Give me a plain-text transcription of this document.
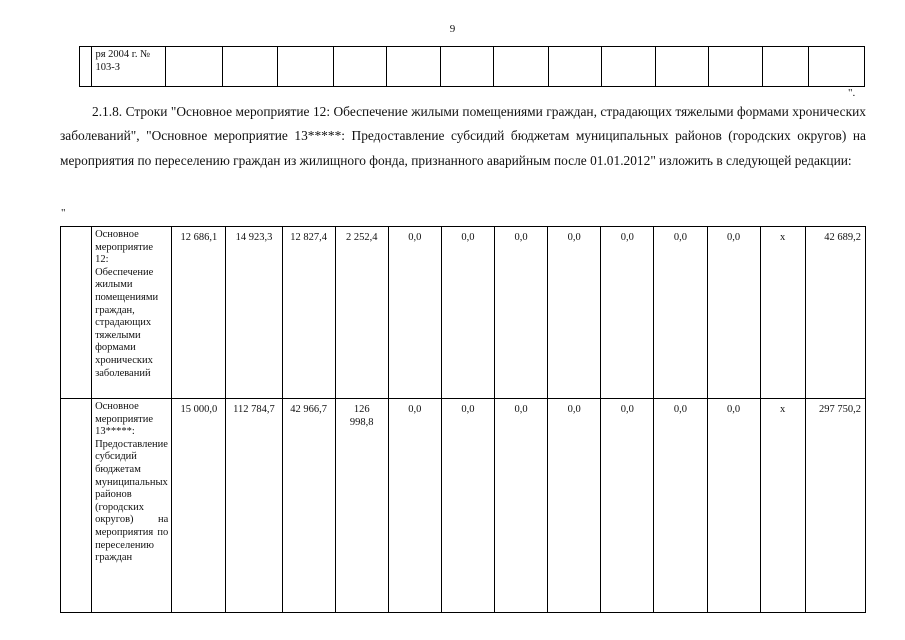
9

ря 2004 г. № 103-З

".

2.1.8. Строки "Основное мероприятие 12: Обеспечение жилыми помещениями граждан, страдающих тяжелыми формами хронических заболеваний", "Основное мероприятие 13*****: Предоставление субсидий бюджетам муниципальных районов (городских округов) на мероприятия по переселению граждан из жилищного фонда, признанного аварийным после 01.01.2012" изложить в следующей редакции:

"

	Основное мероприятие 12: Обеспечение жилыми помещениями граждан, страдающих тяжелыми формами хронических заболеваний	12 686,1	14 923,3	12 827,4	2 252,4	0,0	0,0	0,0	0,0	0,0	0,0	0,0	х	42 689,2

	Основное мероприятие 13*****: Предоставление субсидий бюджетам муниципальных районов (городских округов) на мероприятия по переселению граждан	15 000,0	112 784,7	42 966,7	126 998,8	0,0	0,0	0,0	0,0	0,0	0,0	0,0	х	297 750,2
